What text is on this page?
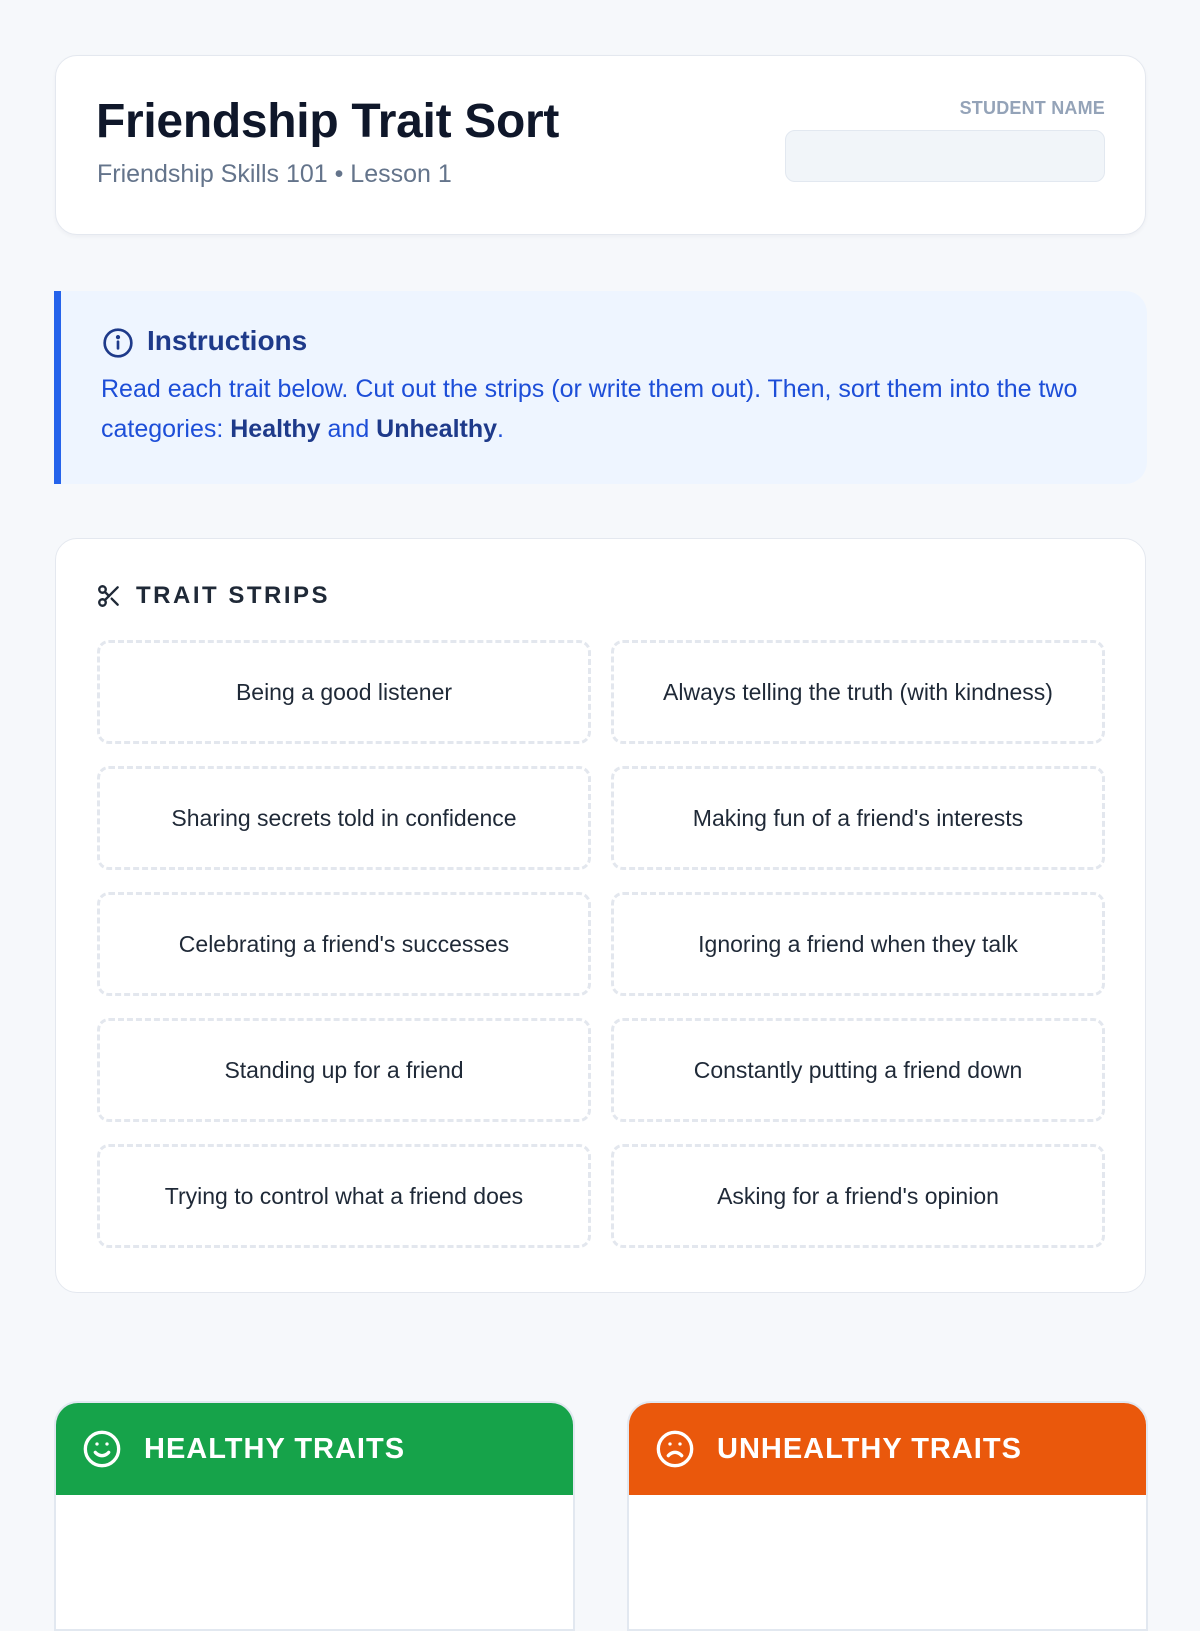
Friendship Trait Sort
Friendship Skills 101 • Lesson 1
STUDENT NAME
Instructions
Read each trait below. Cut out the strips (or write them out). Then, sort them into the two categories: Healthy and Unhealthy.
TRAIT STRIPS
Being a good listener	Always telling the truth (with kindness)
Sharing secrets told in confidence	Making fun of a friend's interests
Celebrating a friend's successes	Ignoring a friend when they talk
Standing up for a friend	Constantly putting a friend down
Trying to control what a friend does	Asking for a friend's opinion
HEALTHY TRAITS	UNHEALTHY TRAITS
